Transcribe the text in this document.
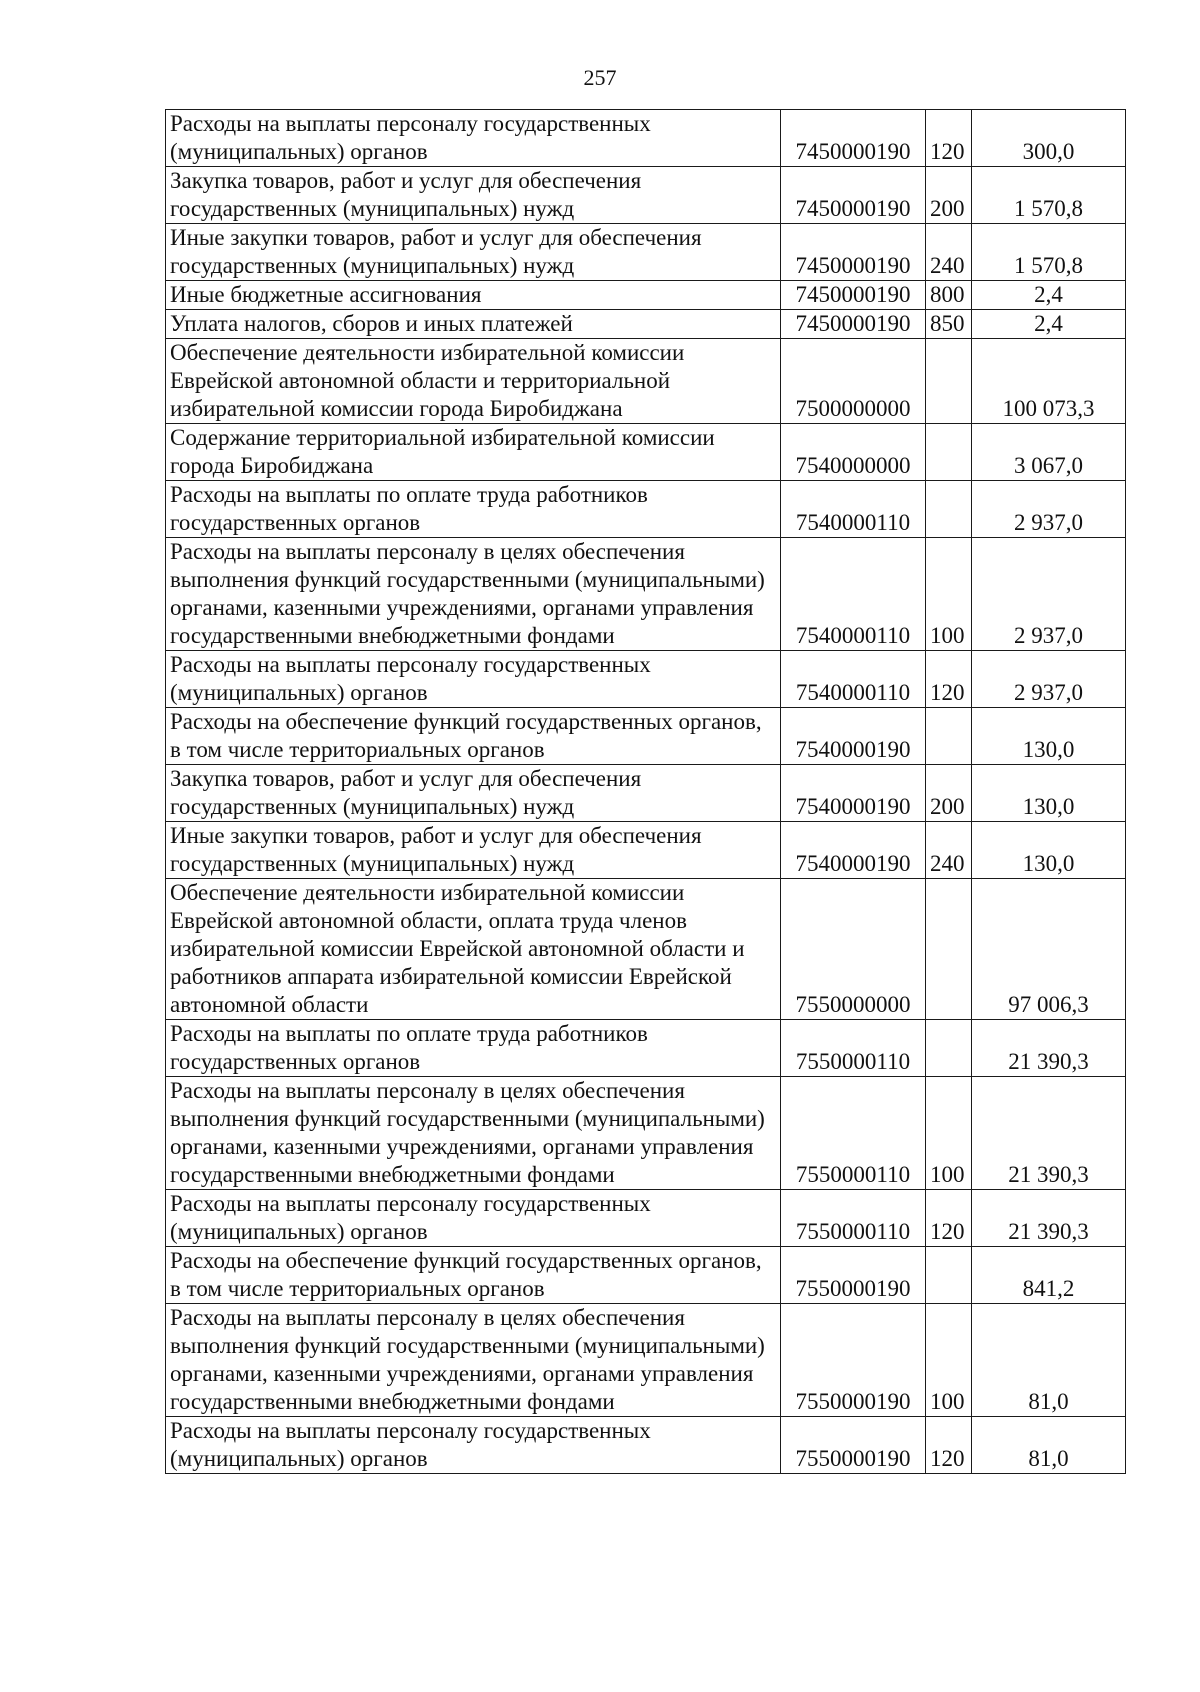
257
Расходы на выплаты персоналу государственных (муниципальных) органов	7450000190	120	300,0
Закупка товаров, работ и услуг для обеспечения государственных (муниципальных) нужд	7450000190	200	1 570,8
Иные закупки товаров, работ и услуг для обеспечения государственных (муниципальных) нужд	7450000190	240	1 570,8
Иные бюджетные ассигнования	7450000190	800	2,4
Уплата налогов, сборов и иных платежей	7450000190	850	2,4
Обеспечение деятельности избирательной комиссии Еврейской автономной области и территориальной избирательной комиссии города Биробиджана	7500000000		100 073,3
Содержание территориальной избирательной комиссии города Биробиджана	7540000000		3 067,0
Расходы на выплаты по оплате труда работников государственных органов	7540000110		2 937,0
Расходы на выплаты персоналу в целях обеспечения выполнения функций государственными (муниципальными) органами, казенными учреждениями, органами управления государственными внебюджетными фондами	7540000110	100	2 937,0
Расходы на выплаты персоналу государственных (муниципальных) органов	7540000110	120	2 937,0
Расходы на обеспечение функций государственных органов, в том числе территориальных органов	7540000190		130,0
Закупка товаров, работ и услуг для обеспечения государственных (муниципальных) нужд	7540000190	200	130,0
Иные закупки товаров, работ и услуг для обеспечения государственных (муниципальных) нужд	7540000190	240	130,0
Обеспечение деятельности избирательной комиссии Еврейской автономной области, оплата труда членов избирательной комиссии Еврейской автономной области и работников аппарата избирательной комиссии Еврейской автономной области	7550000000		97 006,3
Расходы на выплаты по оплате труда работников государственных органов	7550000110		21 390,3
Расходы на выплаты персоналу в целях обеспечения выполнения функций государственными (муниципальными) органами, казенными учреждениями, органами управления государственными внебюджетными фондами	7550000110	100	21 390,3
Расходы на выплаты персоналу государственных (муниципальных) органов	7550000110	120	21 390,3
Расходы на обеспечение функций государственных органов, в том числе территориальных органов	7550000190		841,2
Расходы на выплаты персоналу в целях обеспечения выполнения функций государственными (муниципальными) органами, казенными учреждениями, органами управления государственными внебюджетными фондами	7550000190	100	81,0
Расходы на выплаты персоналу государственных (муниципальных) органов	7550000190	120	81,0
